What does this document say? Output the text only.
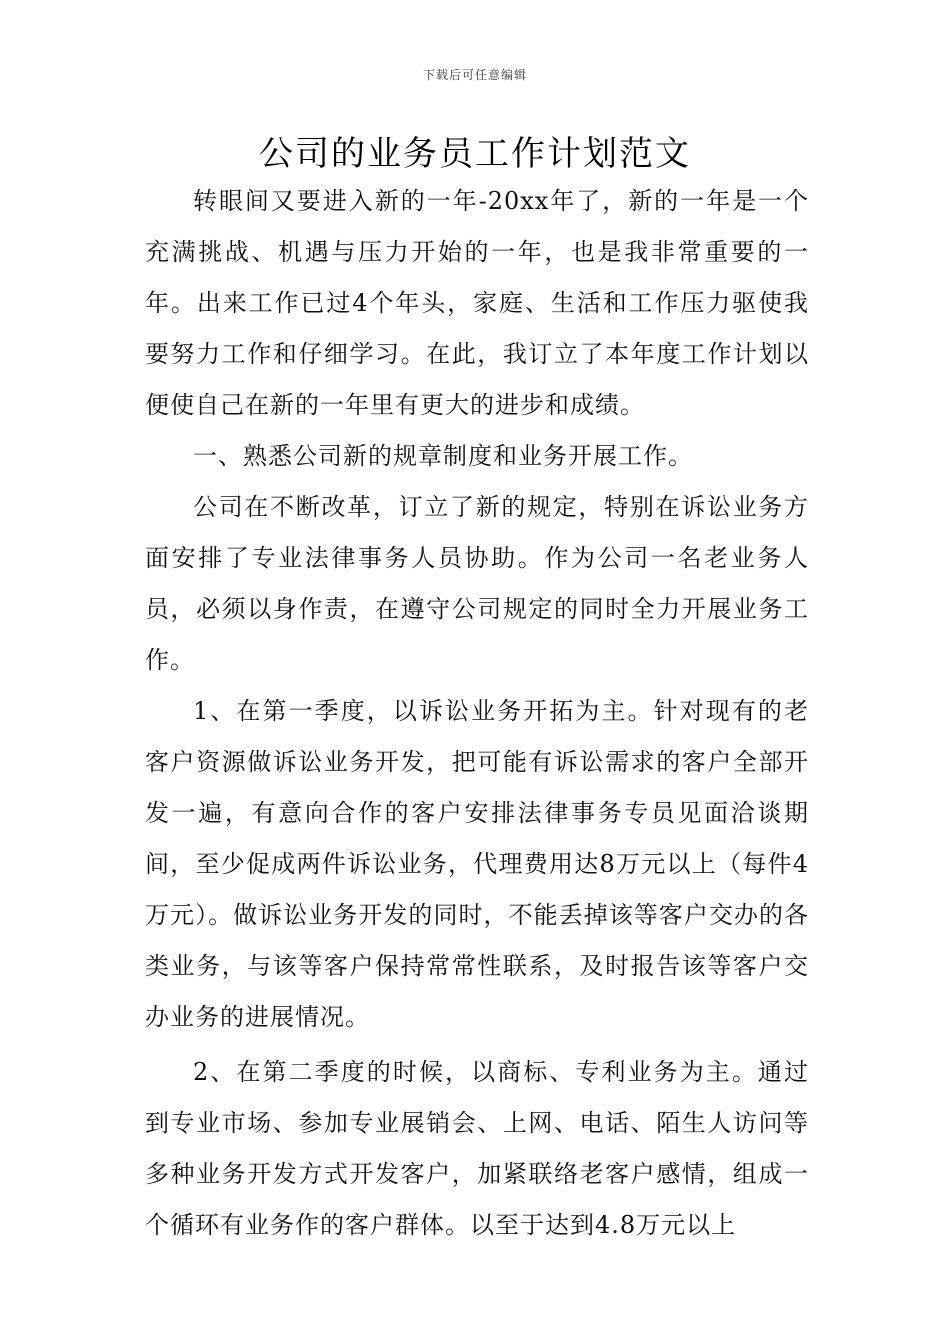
下载后可任意编辑
公司的业务员工作计划范文

转眼间又要进入新的一年-20xx年了，新的一年是一个充满挑战、机遇与压力开始的一年，也是我非常重要的一年。出来工作已过4个年头，家庭、生活和工作压力驱使我要努力工作和仔细学习。在此，我订立了本年度工作计划以便使自己在新的一年里有更大的进步和成绩。

一、熟悉公司新的规章制度和业务开展工作。

公司在不断改革，订立了新的规定，特别在诉讼业务方面安排了专业法律事务人员协助。作为公司一名老业务人员，必须以身作责，在遵守公司规定的同时全力开展业务工作。

1、在第一季度，以诉讼业务开拓为主。针对现有的老客户资源做诉讼业务开发，把可能有诉讼需求的客户全部开发一遍，有意向合作的客户安排法律事务专员见面洽谈期间，至少促成两件诉讼业务，代理费用达8万元以上（每件4万元）。做诉讼业务开发的同时，不能丢掉该等客户交办的各类业务，与该等客户保持常常性联系，及时报告该等客户交办业务的进展情况。

2、在第二季度的时候，以商标、专利业务为主。通过到专业市场、参加专业展销会、上网、电话、陌生人访问等多种业务开发方式开发客户，加紧联络老客户感情，组成一个循环有业务作的客户群体。以至于达到4.8万元以上
